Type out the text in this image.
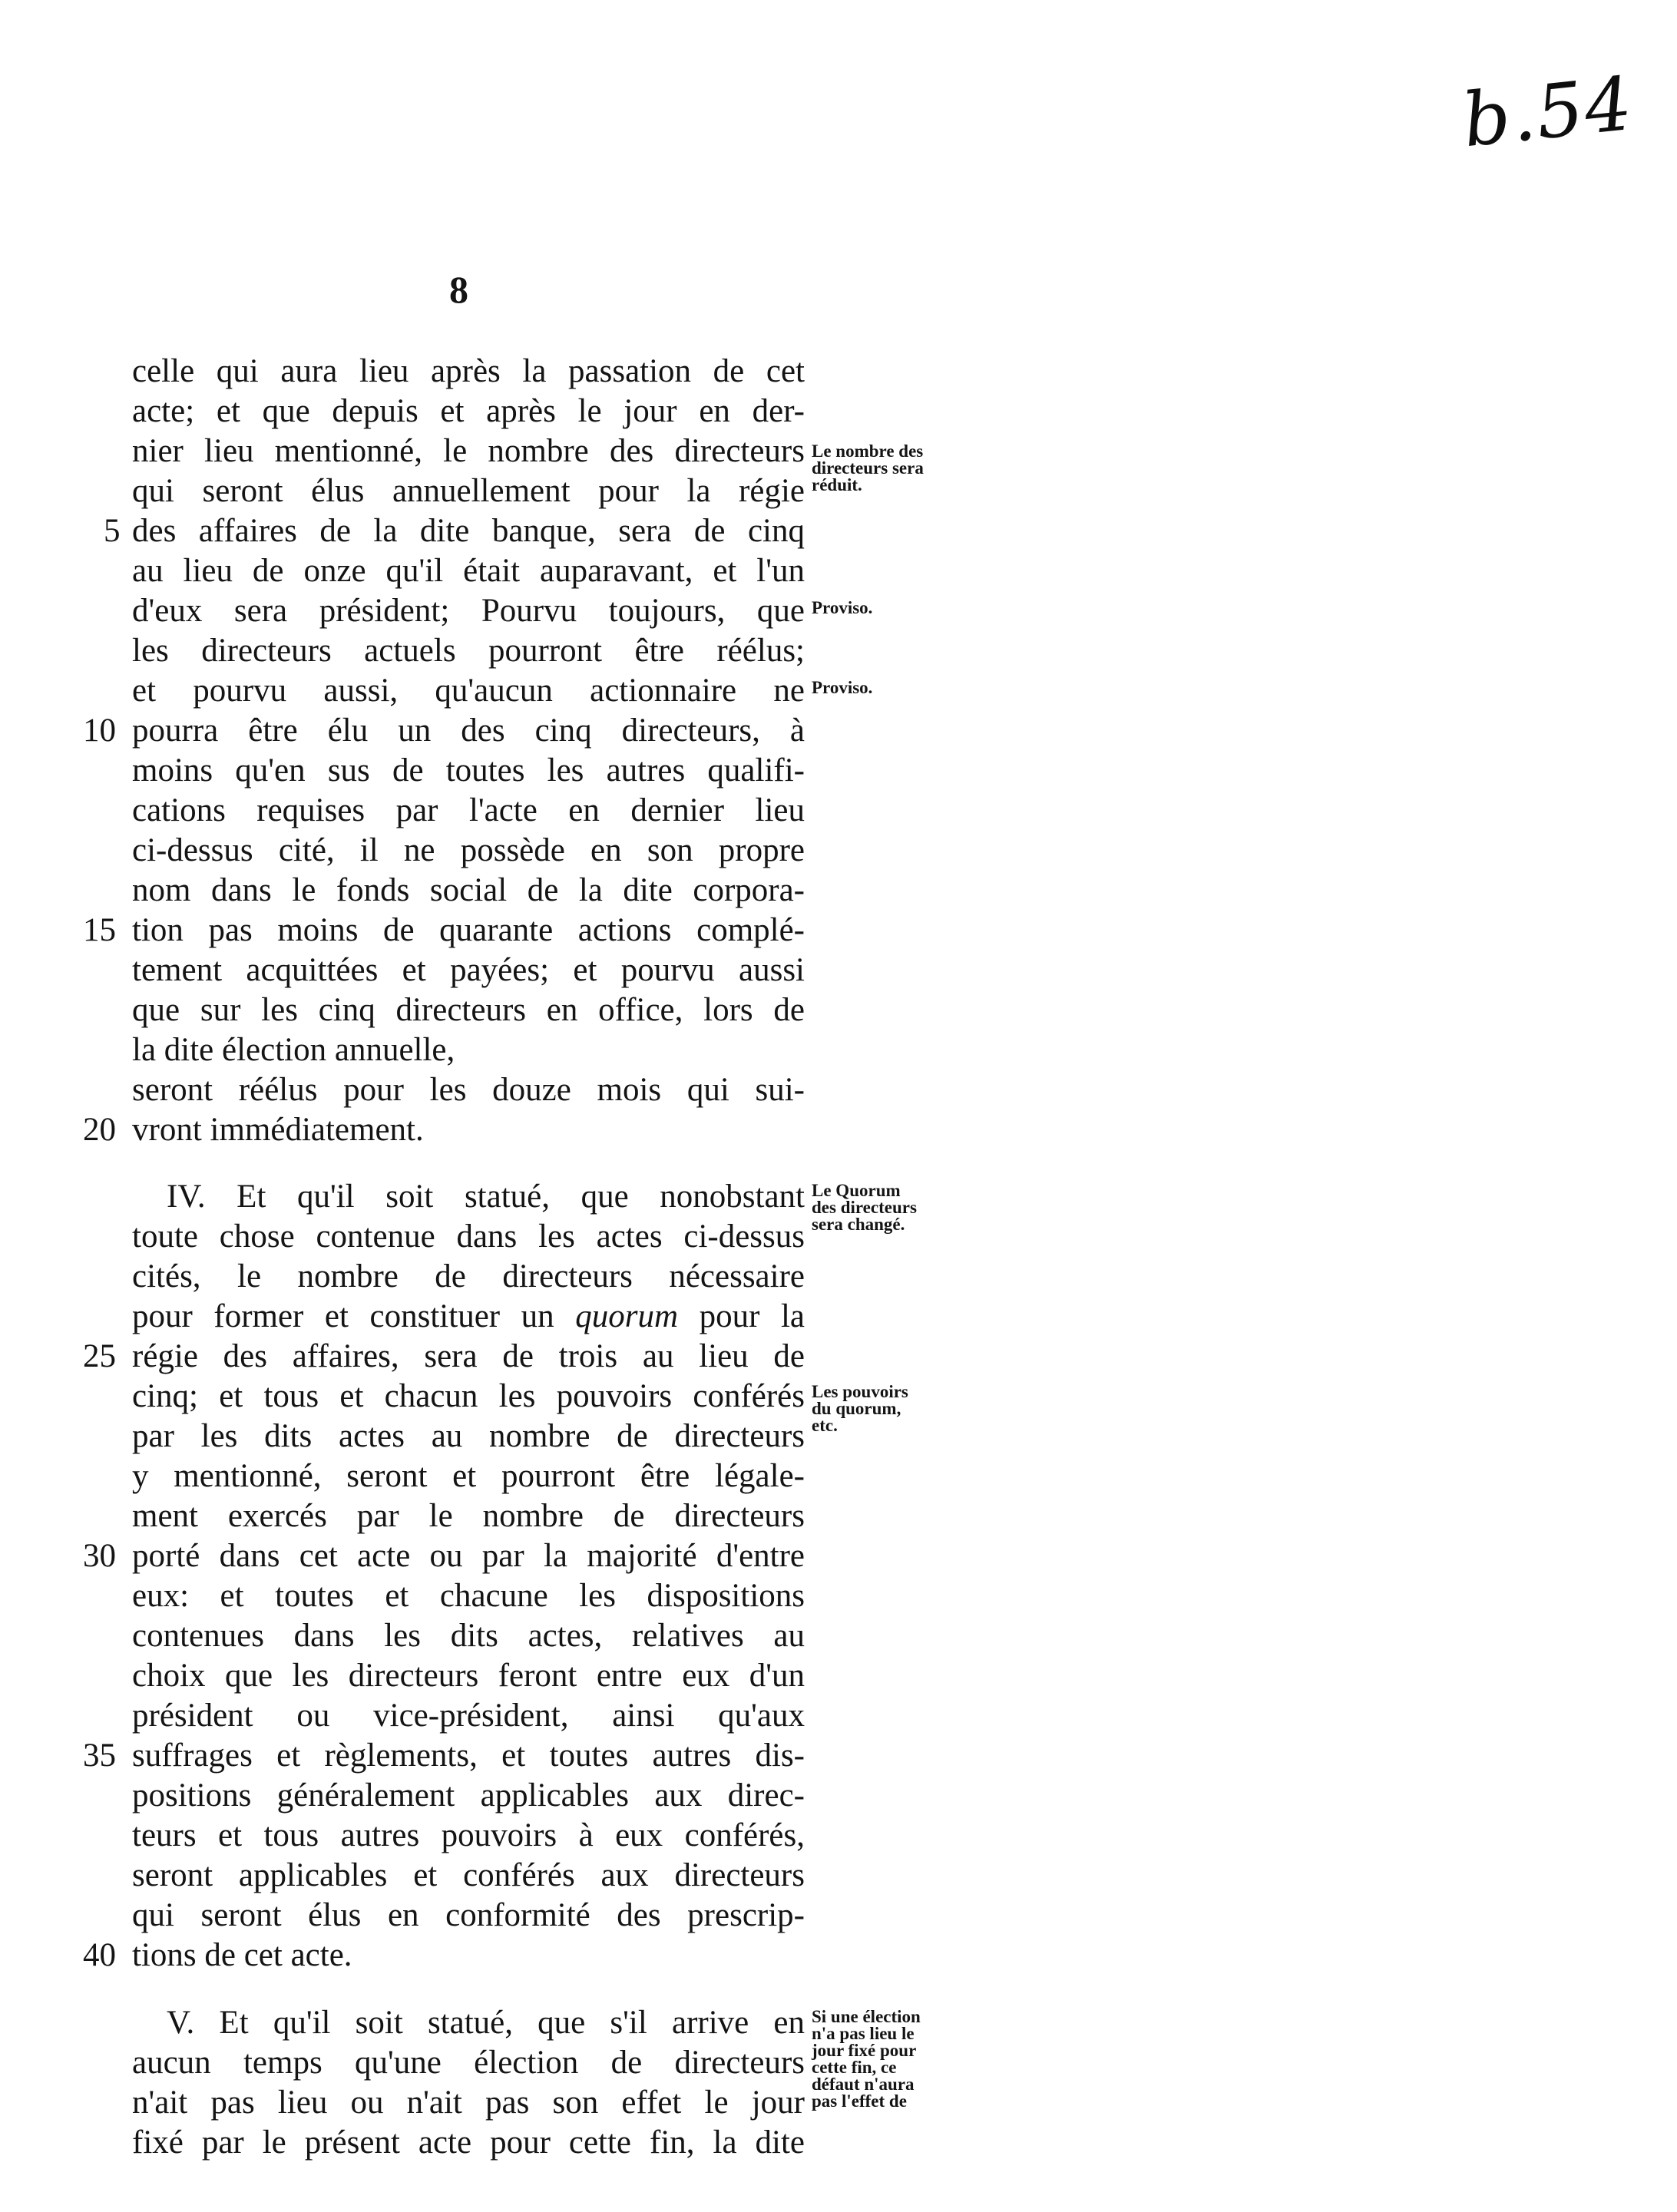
b.54
8
celle qui aura lieu après la passation de cet
acte; et que depuis et après le jour en der-
nier lieu mentionné, le nombre des directeurs
qui seront élus annuellement pour la régie
des affaires de la dite banque, sera de cinq
au lieu de onze qu'il était auparavant, et l'un
d'eux sera président; Pourvu toujours, que
les directeurs actuels pourront être réélus;
et pourvu aussi, qu'aucun actionnaire ne
pourra être élu un des cinq directeurs, à
moins qu'en sus de toutes les autres qualifi-
cations requises par l'acte en dernier lieu
ci-dessus cité, il ne possède en son propre
nom dans le fonds social de la dite corpora-
tion pas moins de quarante actions complé-
tement acquittées et payées; et pourvu aussi
que sur les cinq directeurs en office, lors de
la dite élection annuelle,
seront réélus pour les douze mois qui sui-
vront immédiatement.
IV. Et qu'il soit statué, que nonobstant
toute chose contenue dans les actes ci-dessus
cités, le nombre de directeurs nécessaire
pour former et constituer un quorum pour la
régie des affaires, sera de trois au lieu de
cinq; et tous et chacun les pouvoirs conférés
par les dits actes au nombre de directeurs
y mentionné, seront et pourront être légale-
ment exercés par le nombre de directeurs
porté dans cet acte ou par la majorité d'entre
eux: et toutes et chacune les dispositions
contenues dans les dits actes, relatives au
choix que les directeurs feront entre eux d'un
président ou vice-président, ainsi qu'aux
suffrages et règlements, et toutes autres dis-
positions généralement applicables aux direc-
teurs et tous autres pouvoirs à eux conférés,
seront applicables et conférés aux directeurs
qui seront élus en conformité des prescrip-
tions de cet acte.
V. Et qu'il soit statué, que s'il arrive en
aucun temps qu'une élection de directeurs
n'ait pas lieu ou n'ait pas son effet le jour
fixé par le présent acte pour cette fin, la dite
5
10
15
20
25
30
35
40
Le nombre des
directeurs sera
réduit.
Proviso.
Proviso.
Le Quorum
des directeurs
sera changé.
Les pouvoirs
du quorum,
etc.
Si une élection
n'a pas lieu le
jour fixé pour
cette fin, ce
défaut n'aura
pas l'effet de
